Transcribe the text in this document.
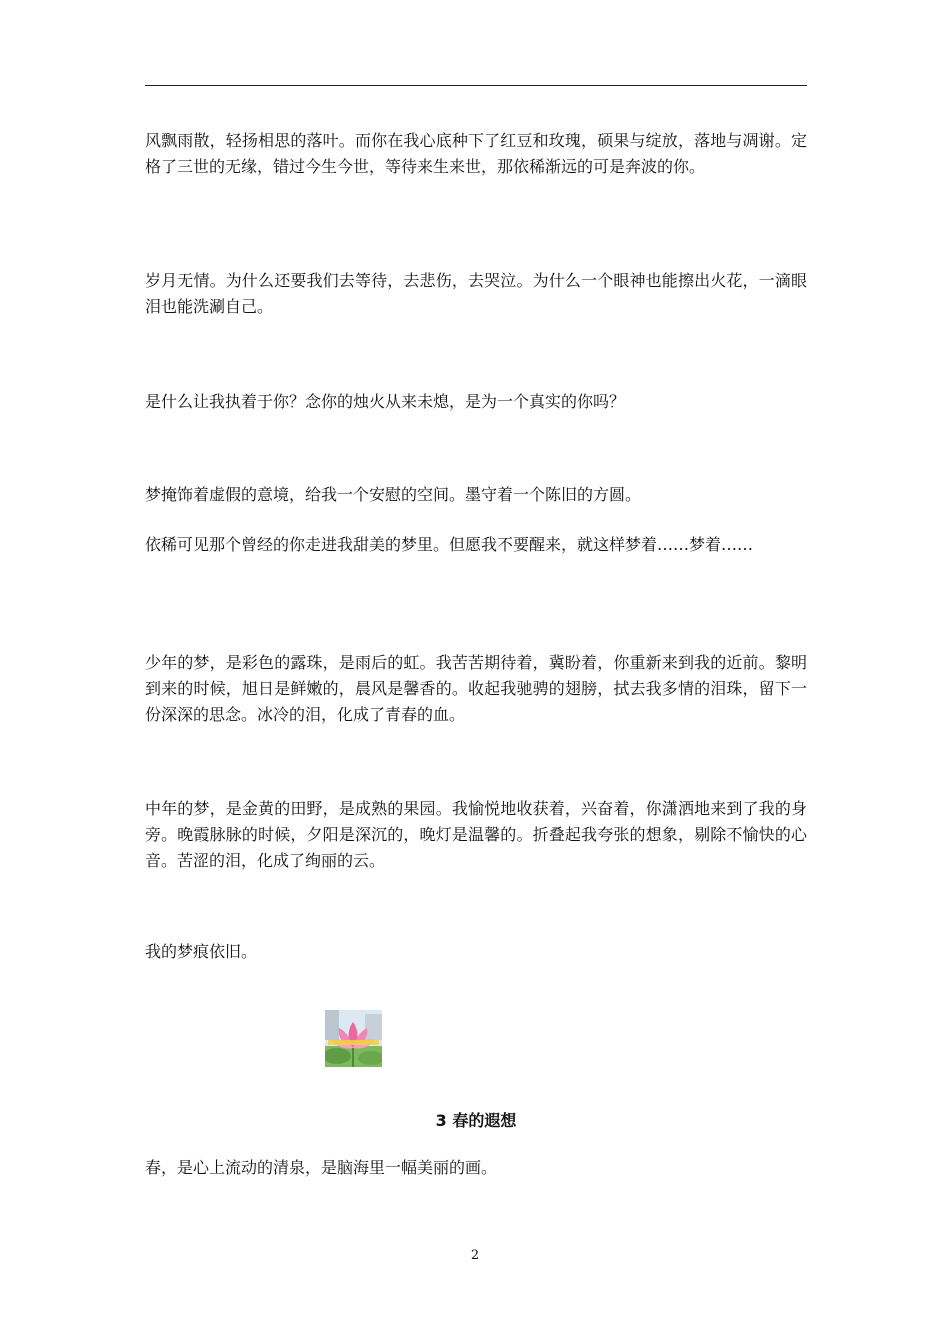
风飘雨散，轻扬相思的落叶。而你在我心底种下了红豆和玫瑰，硕果与绽放，落地与凋谢。定格了三世的无缘，错过今生今世，等待来生来世，那依稀渐远的可是奔波的你。

岁月无情。为什么还要我们去等待，去悲伤，去哭泣。为什么一个眼神也能擦出火花，一滴眼泪也能洗涮自己。

是什么让我执着于你？念你的烛火从来未熄，是为一个真实的你吗？

梦掩饰着虚假的意境，给我一个安慰的空间。墨守着一个陈旧的方圆。

依稀可见那个曾经的你走进我甜美的梦里。但愿我不要醒来，就这样梦着……梦着……

少年的梦，是彩色的露珠，是雨后的虹。我苦苦期待着，冀盼着，你重新来到我的近前。黎明到来的时候，旭日是鲜嫩的，晨风是馨香的。收起我驰骋的翅膀，拭去我多情的泪珠，留下一份深深的思念。冰冷的泪，化成了青春的血。

中年的梦，是金黄的田野，是成熟的果园。我愉悦地收获着，兴奋着，你潇洒地来到了我的身旁。晚霞脉脉的时候，夕阳是深沉的，晚灯是温馨的。折叠起我夸张的想象，剔除不愉快的心音。苦涩的泪，化成了绚丽的云。

我的梦痕依旧。

3 春的遐想

春，是心上流动的清泉，是脑海里一幅美丽的画。

2
